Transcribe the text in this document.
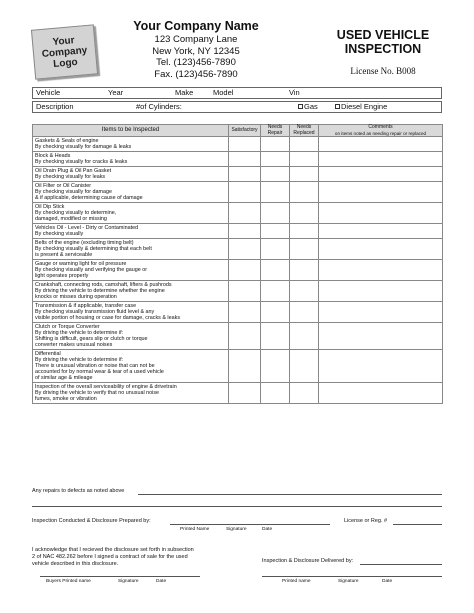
Your
Company
Logo
Your Company Name
123 Company Lane
New York, NY 12345
Tel. (123)456-7890
Fax. (123)456-7890
USED VEHICLE
INSPECTION
License No. B008
Vehicle	Year	Make	Model	Vin
Description	#of Cylinders:	Gas	Diesel Engine
Items to be Inspected	Satisfactory	Needs Repair	Needs Replaced	Comments
on items noted as needing repair or replaced

Gaskets & Seals of engine
By checking visually for damage & leaks				

Block & Heads
By checking visually for cracks & leaks				

Oil Drain Plug & Oil Pan Gasket
By checking visually for leaks				

Oil Filter or Oil Canister
By checking visually for damage
& if applicable, determining cause of damage				

Oil Dip Stick
By checking visually to determine,
damaged, modified or missing				

Vehicles Oil - Level - Dirty or Contaminated
By checking visually				

Belts of the engine (excluding timing belt)
By checking visually & determining that each belt
is present & serviceable				

Gauge or warning light for oil pressure
By checking visually and verifying the gauge or
light operates properly				

Crankshaft, connecting rods, camshaft, lifters & pushrods
By driving the vehicle to determine whether the engine
knocks or misses during operation				

Transmission & if applicable, transfer case
By checking visually transmission fluid level & any
visible portion of housing or case for damage, cracks & leaks				

Clutch or Torque Converter
By driving the vehicle to determine if:
Shifting is difficult, gears slip or clutch or torque
converter makes unusual noises				

Differential
By driving the vehicle to determine if:
There is unusual vibration or noise that can not be
accounted for by normal wear & tear of a used vehicle
of similar age & mileage				

Inspection of the overall serviceability of engine & drivetrain
By driving the vehicle to verify that no unusual noise
fumes, smoke or vibration				

Any repairs to defects as noted above
Inspection Conducted & Disclosure Prepared by:
Printed Name	Signature	Date
License or Reg. #
I acknowledge that I recieved the disclosure set forth in subsection
2 of NAC 482.262 before I signed a contract of sale for the used
vehicle described in this disclosure.	Inspection & Disclosure Delivered by:
Buyers Printed name	Signature	Date	Printed name	Signature	Date
